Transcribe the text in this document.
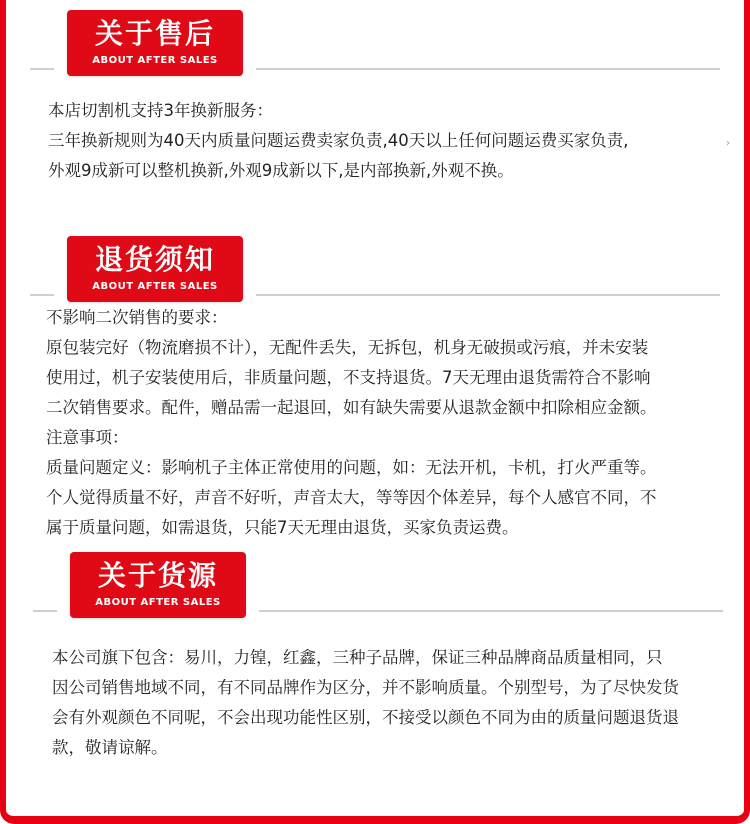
关于售后
ABOUT AFTER SALES
本店切割机支持3年换新服务：
三年换新规则为40天内质量问题运费卖家负责,40天以上任何问题运费买家负责,
外观9成新可以整机换新,外观9成新以下,是内部换新,外观不换。
›
退货须知
ABOUT AFTER SALES
不影响二次销售的要求：
原包装完好（物流磨损不计），无配件丢失，无拆包，机身无破损或污痕，并未安装
使用过，机子安装使用后，非质量问题，不支持退货。7天无理由退货需符合不影响
二次销售要求。配件，赠品需一起退回，如有缺失需要从退款金额中扣除相应金额。
注意事项：
质量问题定义：影响机子主体正常使用的问题，如：无法开机，卡机，打火严重等。
个人觉得质量不好，声音不好听，声音太大，等等因个体差异，每个人感官不同，不
属于质量问题，如需退货，只能7天无理由退货，买家负责运费。
关于货源
ABOUT AFTER SALES
本公司旗下包含：易川，力锽，红鑫，三种子品牌，保证三种品牌商品质量相同，只
因公司销售地域不同，有不同品牌作为区分，并不影响质量。个别型号，为了尽快发货
会有外观颜色不同呢，不会出现功能性区别，不接受以颜色不同为由的质量问题退货退
款，敬请谅解。
